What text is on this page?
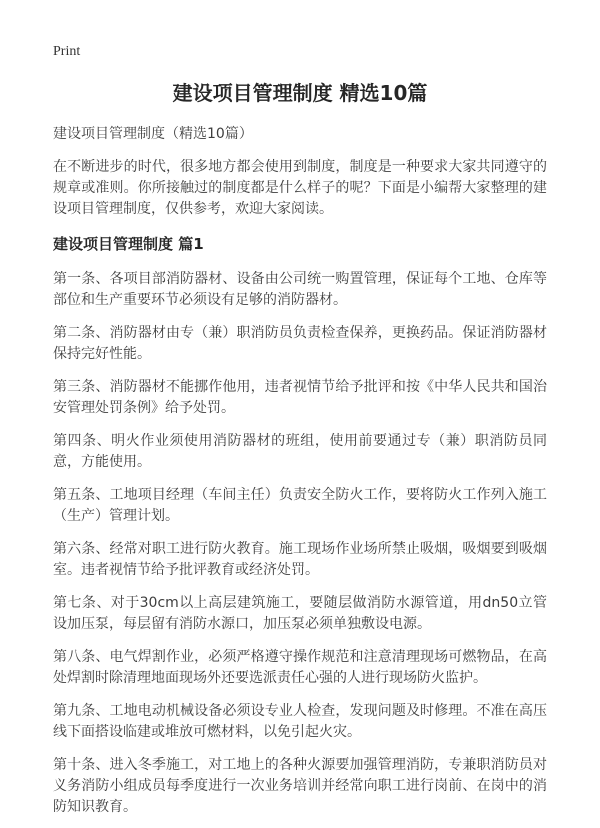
Print
建设项目管理制度 精选10篇
建设项目管理制度（精选10篇）

在不断进步的时代，很多地方都会使用到制度，制度是一种要求大家共同遵守的规章或准则。你所接触过的制度都是什么样子的呢？下面是小编帮大家整理的建设项目管理制度，仅供参考，欢迎大家阅读。

建设项目管理制度 篇1

第一条、各项目部消防器材、设备由公司统一购置管理，保证每个工地、仓库等部位和生产重要环节必须设有足够的消防器材。

第二条、消防器材由专（兼）职消防员负责检查保养，更换药品。保证消防器材保持完好性能。

第三条、消防器材不能挪作他用，违者视情节给予批评和按《中华人民共和国治安管理处罚条例》给予处罚。

第四条、明火作业须使用消防器材的班组，使用前要通过专（兼）职消防员同意，方能使用。

第五条、工地项目经理（车间主任）负责安全防火工作，要将防火工作列入施工（生产）管理计划。

第六条、经常对职工进行防火教育。施工现场作业场所禁止吸烟，吸烟要到吸烟室。违者视情节给予批评教育或经济处罚。

第七条、对于30cm以上高层建筑施工，要随层做消防水源管道，用dn50立管设加压泵，每层留有消防水源口，加压泵必须单独敷设电源。

第八条、电气焊割作业，必须严格遵守操作规范和注意清理现场可燃物品，在高处焊割时除清理地面现场外还要选派责任心强的人进行现场防火监护。

第九条、工地电动机械设备必须设专业人检查，发现问题及时修理。不准在高压线下面搭设临建或堆放可燃材料，以免引起火灾。

第十条、进入冬季施工，对工地上的各种火源要加强管理消防，专兼职消防员对义务消防小组成员每季度进行一次业务培训并经常向职工进行岗前、在岗中的消防知识教育。
